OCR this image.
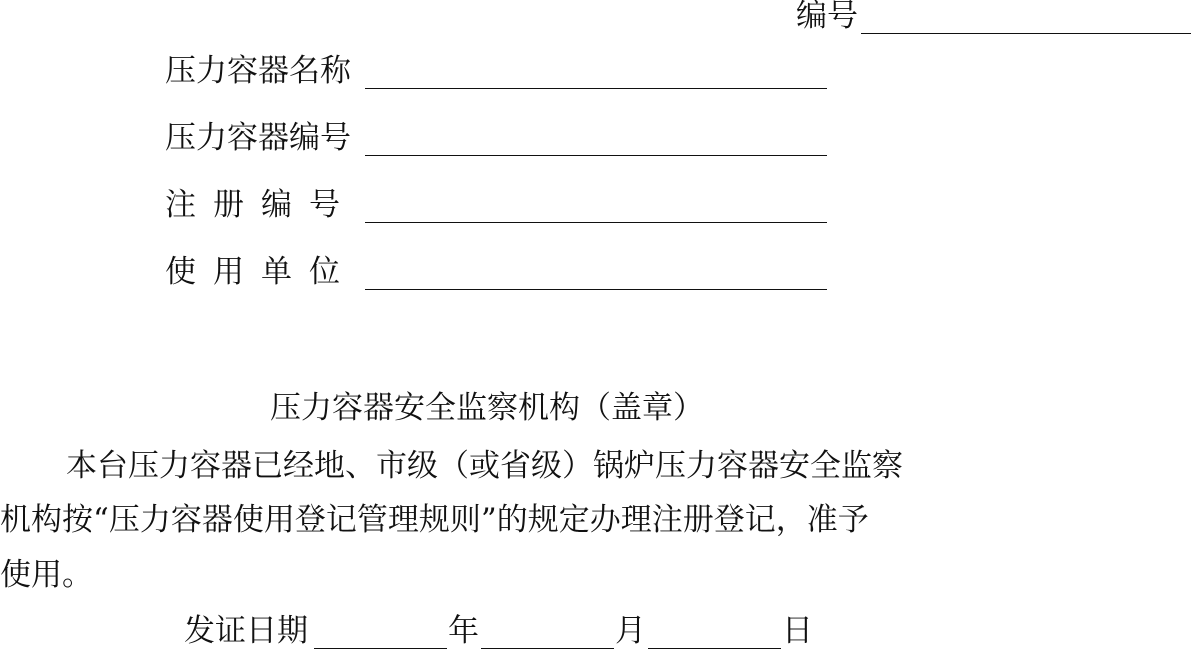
编号
压力容器名称
压力容器编号
注册编号
使用单位
压力容器安全监察机构（盖章）
本台压力容器已经地、市级（或省级）锅炉压力容器安全监察
机构按“压力容器使用登记管理规则”的规定办理注册登记，准予
使用。
发证日期	年	月	日
